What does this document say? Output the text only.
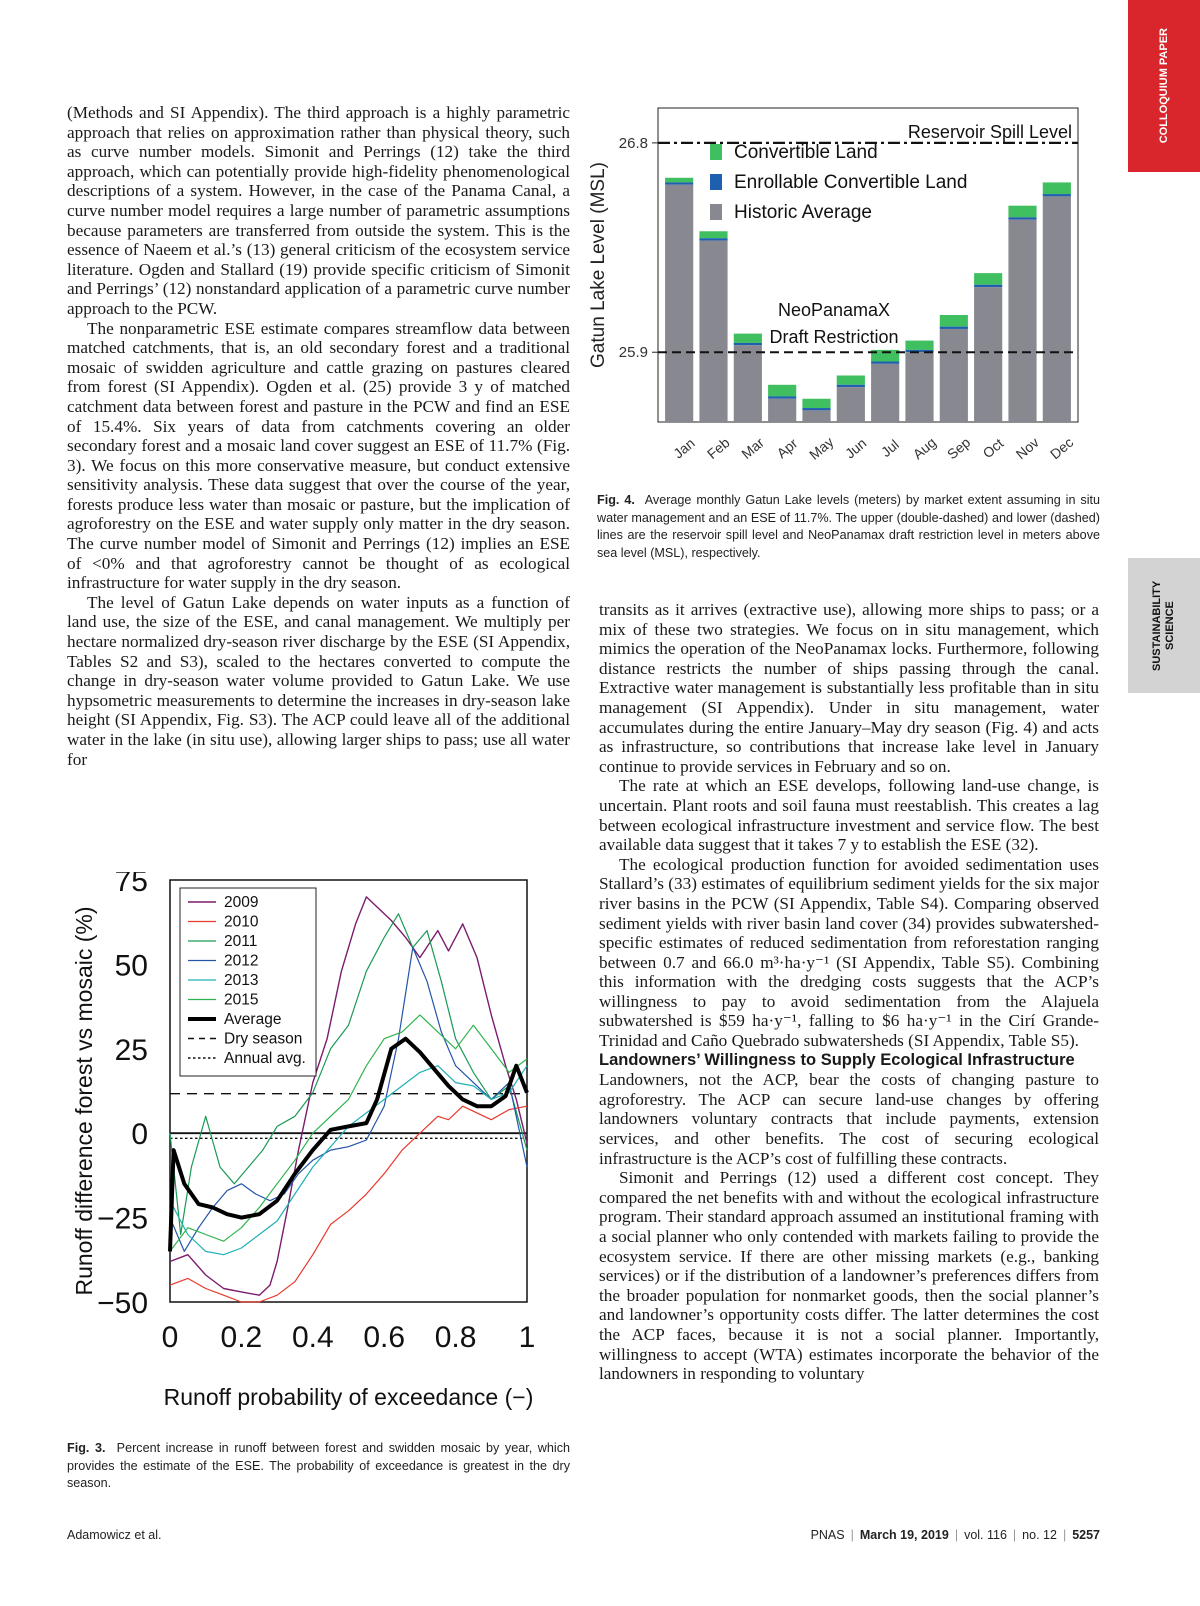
COLLOQUIUM PAPER
SUSTAINABILITY SCIENCE

(Methods and SI Appendix). The third approach is a highly parametric approach that relies on approximation rather than physical theory, such as curve number models. Simonit and Perrings (12) take the third approach, which can potentially provide high-fidelity phenomenological descriptions of a system. However, in the case of the Panama Canal, a curve number model requires a large number of parametric assumptions because parameters are transferred from outside the system. This is the essence of Naeem et al.’s (13) general criticism of the ecosystem service literature. Ogden and Stallard (19) provide specific criticism of Simonit and Perrings’ (12) nonstandard application of a parametric curve number approach to the PCW.

The nonparametric ESE estimate compares streamflow data between matched catchments, that is, an old secondary forest and a traditional mosaic of swidden agriculture and cattle grazing on pastures cleared from forest (SI Appendix). Ogden et al. (25) provide 3 y of matched catchment data between forest and pasture in the PCW and find an ESE of 15.4%. Six years of data from catchments covering an older secondary forest and a mosaic land cover suggest an ESE of 11.7% (Fig. 3). We focus on this more conservative measure, but conduct extensive sensitivity analysis. These data suggest that over the course of the year, forests produce less water than mosaic or pasture, but the implication of agroforestry on the ESE and water supply only matter in the dry season. The curve number model of Simonit and Perrings (12) implies an ESE of <0% and that agroforestry cannot be thought of as ecological infrastructure for water supply in the dry season.

The level of Gatun Lake depends on water inputs as a function of land use, the size of the ESE, and canal management. We multiply per hectare normalized dry-season river discharge by the ESE (SI Appendix, Tables S2 and S3), scaled to the hectares converted to compute the change in dry-season water volume provided to Gatun Lake. We use hypsometric measurements to determine the increases in dry-season lake height (SI Appendix, Fig. S3). The ACP could leave all of the additional water in the lake (in situ use), allowing larger ships to pass; use all water for

Gatun Lake Level (MSL) 25.9
26.8
Jan Feb Mar Apr May Jun Jul Aug Sep Oct Nov Dec
Reservoir Spill Level
NeoPanamaX
Draft Restriction
Convertible Land
Enrollable Convertible Land
Historic Average
Fig. 4. Average monthly Gatun Lake levels (meters) by market extent assuming in situ water management and an ESE of 11.7%. The upper (double-dashed) and lower (dashed) lines are the reservoir spill level and NeoPanamax draft restriction level in meters above sea level (MSL), respectively.

transits as it arrives (extractive use), allowing more ships to pass; or a mix of these two strategies. We focus on in situ management, which mimics the operation of the NeoPanamax locks. Furthermore, following distance restricts the number of ships passing through the canal. Extractive water management is substantially less profitable than in situ management (SI Appendix). Under in situ management, water accumulates during the entire January–May dry season (Fig. 4) and acts as infrastructure, so contributions that increase lake level in January continue to provide services in February and so on.

The rate at which an ESE develops, following land-use change, is uncertain. Plant roots and soil fauna must reestablish. This creates a lag between ecological infrastructure investment and service flow. The best available data suggest that it takes 7 y to establish the ESE (32).

The ecological production function for avoided sedimentation uses Stallard’s (33) estimates of equilibrium sediment yields for the six major river basins in the PCW (SI Appendix, Table S4). Comparing observed sediment yields with river basin land cover (34) provides subwatershed-specific estimates of reduced sedimentation from reforestation ranging between 0.7 and 66.0 m³·ha·y⁻¹ (SI Appendix, Table S5). Combining this information with the dredging costs suggests that the ACP’s willingness to pay to avoid sedimentation from the Alajuela subwatershed is $59 ha·y⁻¹, falling to $6 ha·y⁻¹ in the Cirí Grande-Trinidad and Caño Quebrado subwatersheds (SI Appendix, Table S5).

Landowners’ Willingness to Supply Ecological Infrastructure

Landowners, not the ACP, bear the costs of changing pasture to agroforestry. The ACP can secure land-use changes by offering landowners voluntary contracts that include payments, extension services, and other benefits. The cost of securing ecological infrastructure is the ACP’s cost of fulfilling these contracts.

Simonit and Perrings (12) used a different cost concept. They compared the net benefits with and without the ecological infrastructure program. Their standard approach assumed an institutional framing with a social planner who only contended with markets failing to provide the ecosystem service. If there are other missing markets (e.g., banking services) or if the distribution of a landowner’s preferences differs from the broader population for nonmarket goods, then the social planner’s and landowner’s opportunity costs differ. The latter determines the cost the ACP faces, because it is not a social planner. Importantly, willingness to accept (WTA) estimates incorporate the behavior of the landowners in responding to voluntary

Runoff difference forest vs mosaic (%)
Runoff probability of exceedance (−)
75
50
25
0
−25
−50
0 0.2 0.4 0.6 0.8 1
2009
2010
2011
2012
2013
2015
Average
Dry season
Annual avg.
Fig. 3. Percent increase in runoff between forest and swidden mosaic by year, which provides the estimate of the ESE. The probability of exceedance is greatest in the dry season.
Adamowicz et al.	PNAS | March 19, 2019 | vol. 116 | no. 12 | 5257
